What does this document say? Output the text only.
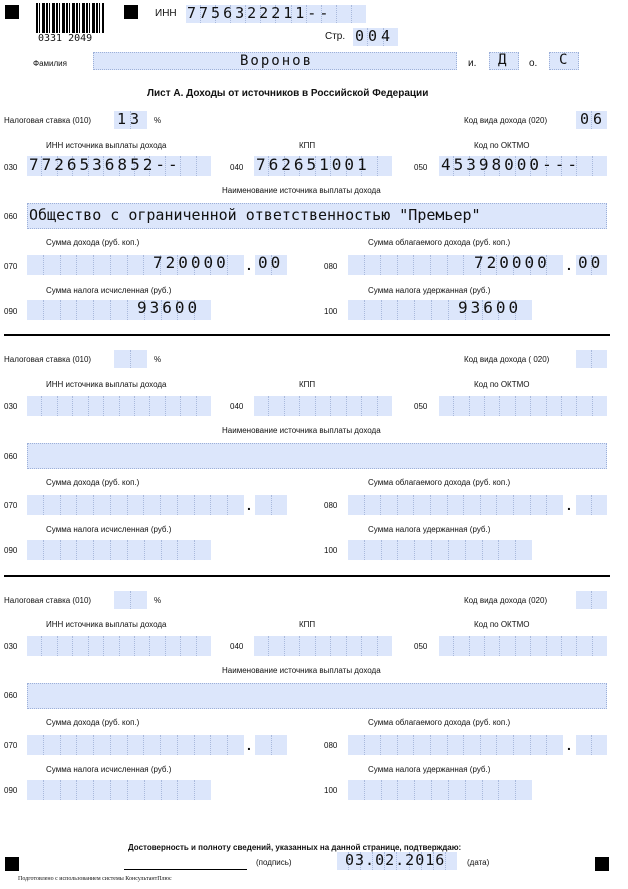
0331 2049
ИНН 7756322211--
Стр. 004
Фамилия	Воронов	и. Д о. С
Лист А. Доходы от источников в Российской Федерации
Налоговая ставка (010) 13 %	Код вида дохода (020) 06
ИНН источника выплаты дохода	КПП	Код по ОКТМО
030 7726536852--	040 762651001	050 45398000---
Наименование источника выплаты дохода
060 Общество с ограниченной ответственностью "Премьер"
Сумма дохода (руб. коп.)	Сумма облагаемого дохода (руб. коп.)
070	720000 . 00	080	720000 . 00
Сумма налога исчисленная (руб.)	Сумма налога удержанная (руб.)
090	93600	100	93600
Налоговая ставка (010)	%	Код вида дохода ( 020)
ИНН источника выплаты дохода	КПП	Код по ОКТМО
030	040	050
Наименование источника выплаты дохода
060
Сумма дохода (руб. коп.)	Сумма облагаемого дохода (руб. коп.)
070	.	080	.
Сумма налога исчисленная (руб.)	Сумма налога удержанная (руб.)
090	100
Налоговая ставка (010)	%	Код вида дохода (020)
ИНН источника выплаты дохода	КПП	Код по ОКТМО
030	040	050
Наименование источника выплаты дохода
060
Сумма дохода (руб. коп.)	Сумма облагаемого дохода (руб. коп.)
070	.	080	.
Сумма налога исчисленная (руб.)	Сумма налога удержанная (руб.)
090	100
Достоверность и полноту сведений, указанных на данной странице, подтверждаю:
(подпись)	03.02.2016	(дата)
Подготовлено с использованием системы КонсультантПлюс
